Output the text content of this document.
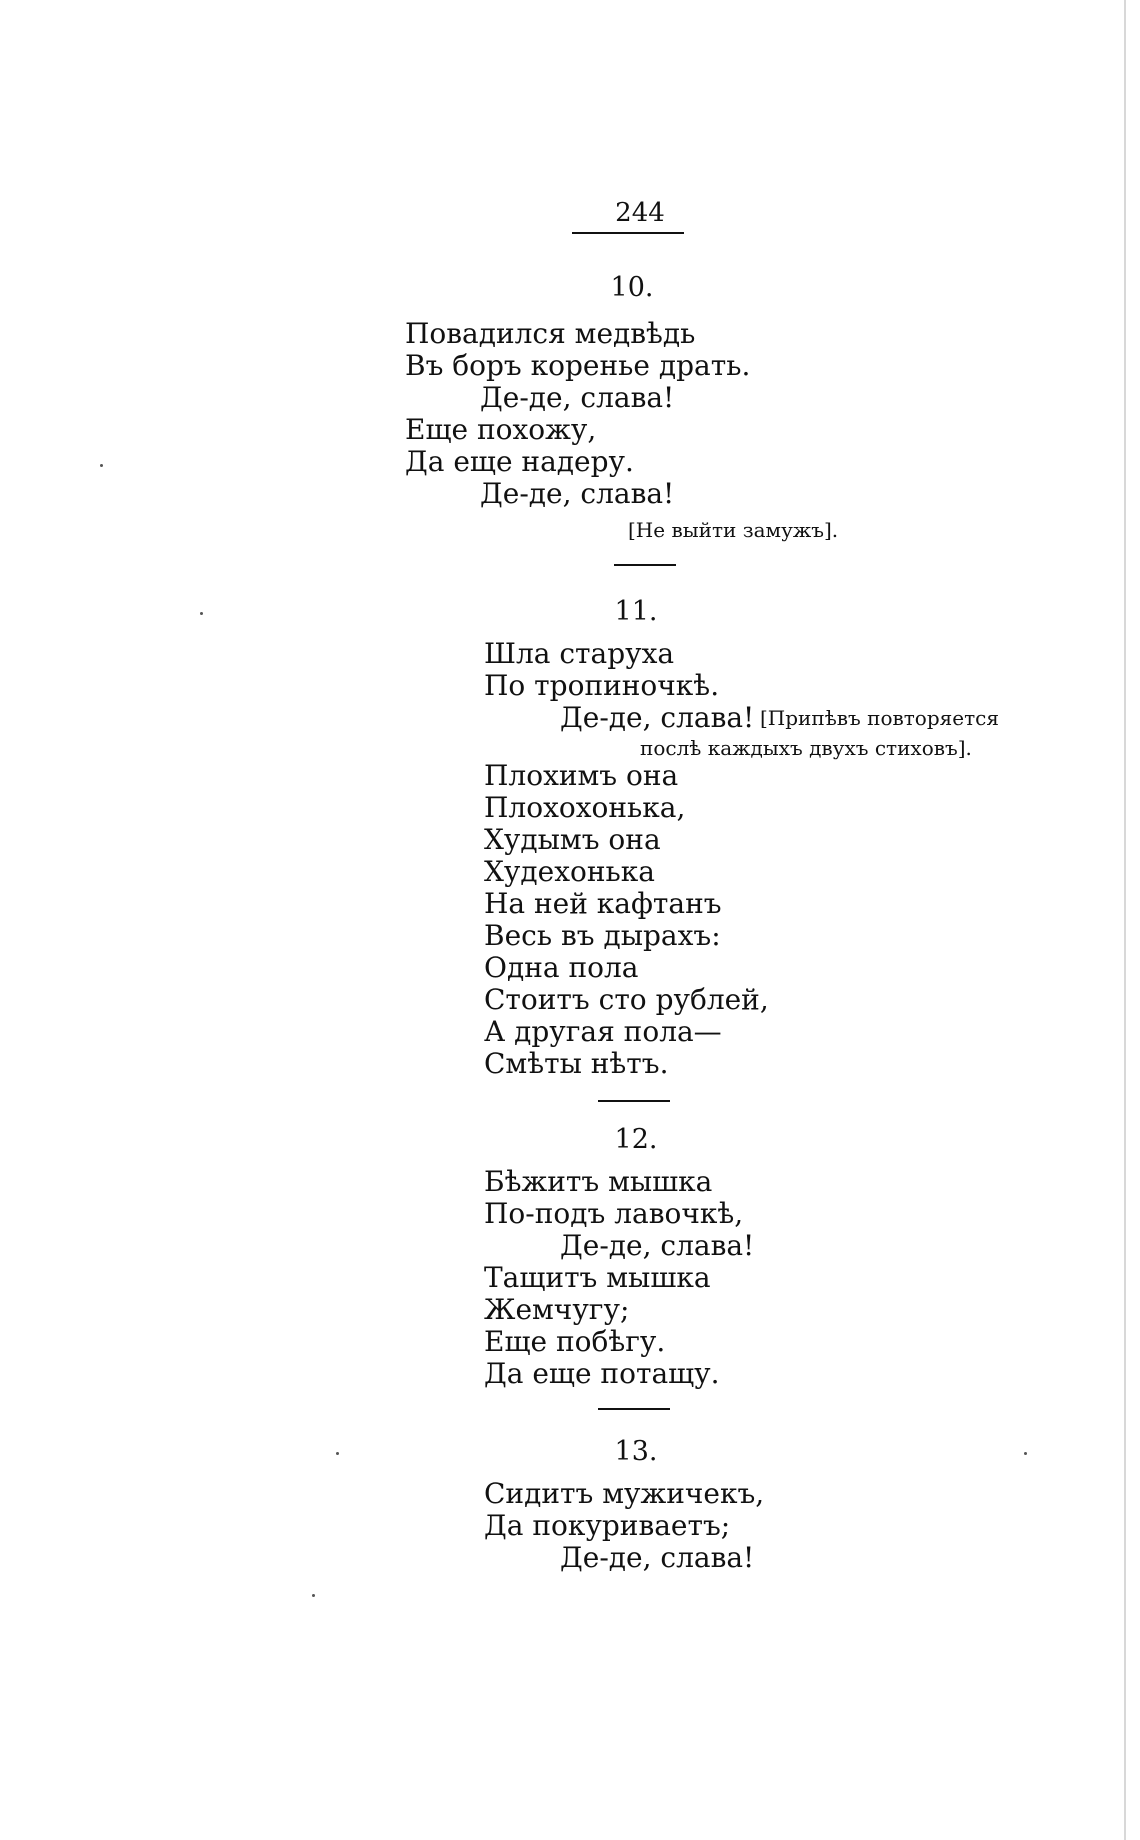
244
10.
Повадился медвѣдь
Въ боръ коренье драть.
Де-де, слава!
Еще похожу,
Да еще надеру.
Де-де, слава!
[Не выйти замужъ].
11.
Шла старуха
По тропиночкѣ.
Де-де, слава! [Припѣвъ повторяется
послѣ каждыхъ двухъ стиховъ].
Плохимъ она
Плохохонька,
Худымъ она
Худехонька
На ней кафтанъ
Весь въ дырахъ:
Одна пола
Стоитъ сто рублей,
А другая пола—
Смѣты нѣтъ.
12.
Бѣжитъ мышка
По-подъ лавочкѣ,
Де-де, слава!
Тащитъ мышка
Жемчугу;
Еще побѣгу.
Да еще потащу.
13.
Сидитъ мужичекъ,
Да покуриваетъ;
Де-де, слава!
